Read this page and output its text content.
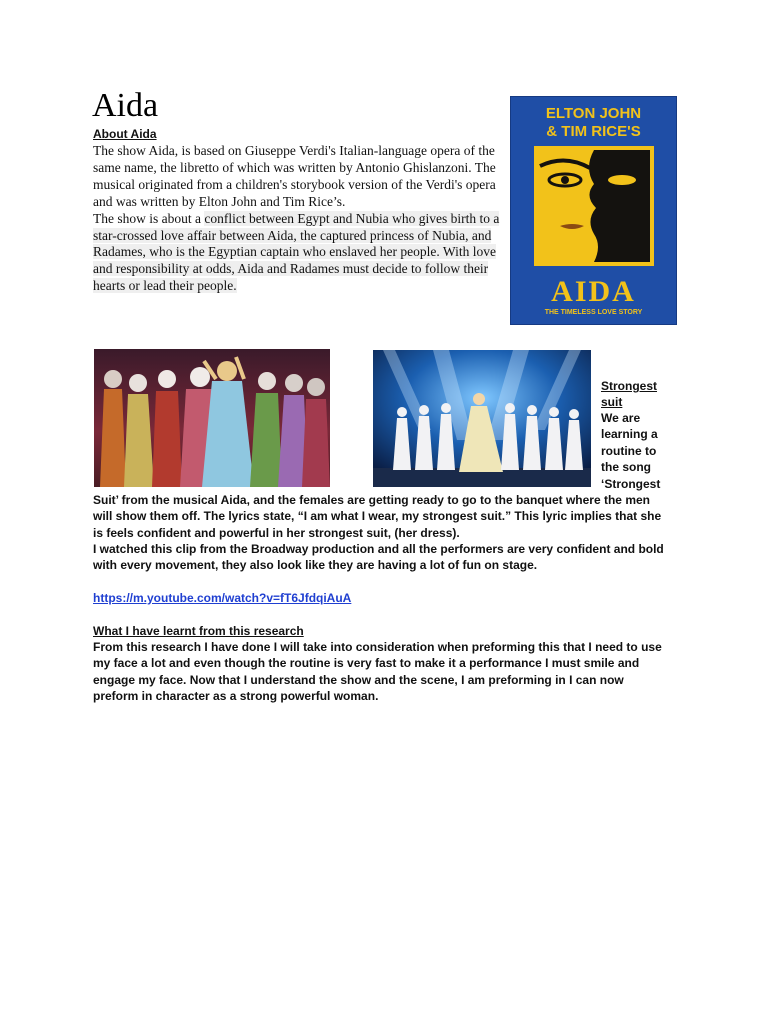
Aida
About Aida

The show Aida, is based on Giuseppe Verdi's Italian-language opera of the same name, the libretto of which was written by Antonio Ghislanzoni. The musical originated from a children's storybook version of the Verdi's opera and was written by Elton John and Tim Rice’s.

The show is about a conflict between Egypt and Nubia who gives birth to a star-crossed love affair between Aida, the captured princess of Nubia, and Radames, who is the Egyptian captain who enslaved her people. With love and responsibility at odds, Aida and Radames must decide to follow their hearts or lead their people.

ELTON JOHN
& TIM RICE'S
AIDA
THE TIMELESS LOVE STORY
Strongest
suit
We are
learning a
routine to
the song
‘Strongest
Suit’ from the musical Aida, and the females are getting ready to go to the banquet where the men
will show them off. The lyrics state, “I am what I wear, my strongest suit.” This lyric implies that she
is feels confident and powerful in her strongest suit, (her dress).
I watched this clip from the Broadway production and all the performers are very confident and bold
with every movement, they also look like they are having a lot of fun on stage.
https://m.youtube.com/watch?v=fT6JfdqiAuA
What I have learnt from this research
From this research I have done I will take into consideration when preforming this that I need to use
my face a lot and even though the routine is very fast to make it a performance I must smile and
engage my face. Now that I understand the show and the scene, I am preforming in I can now
preform in character as a strong powerful woman.
